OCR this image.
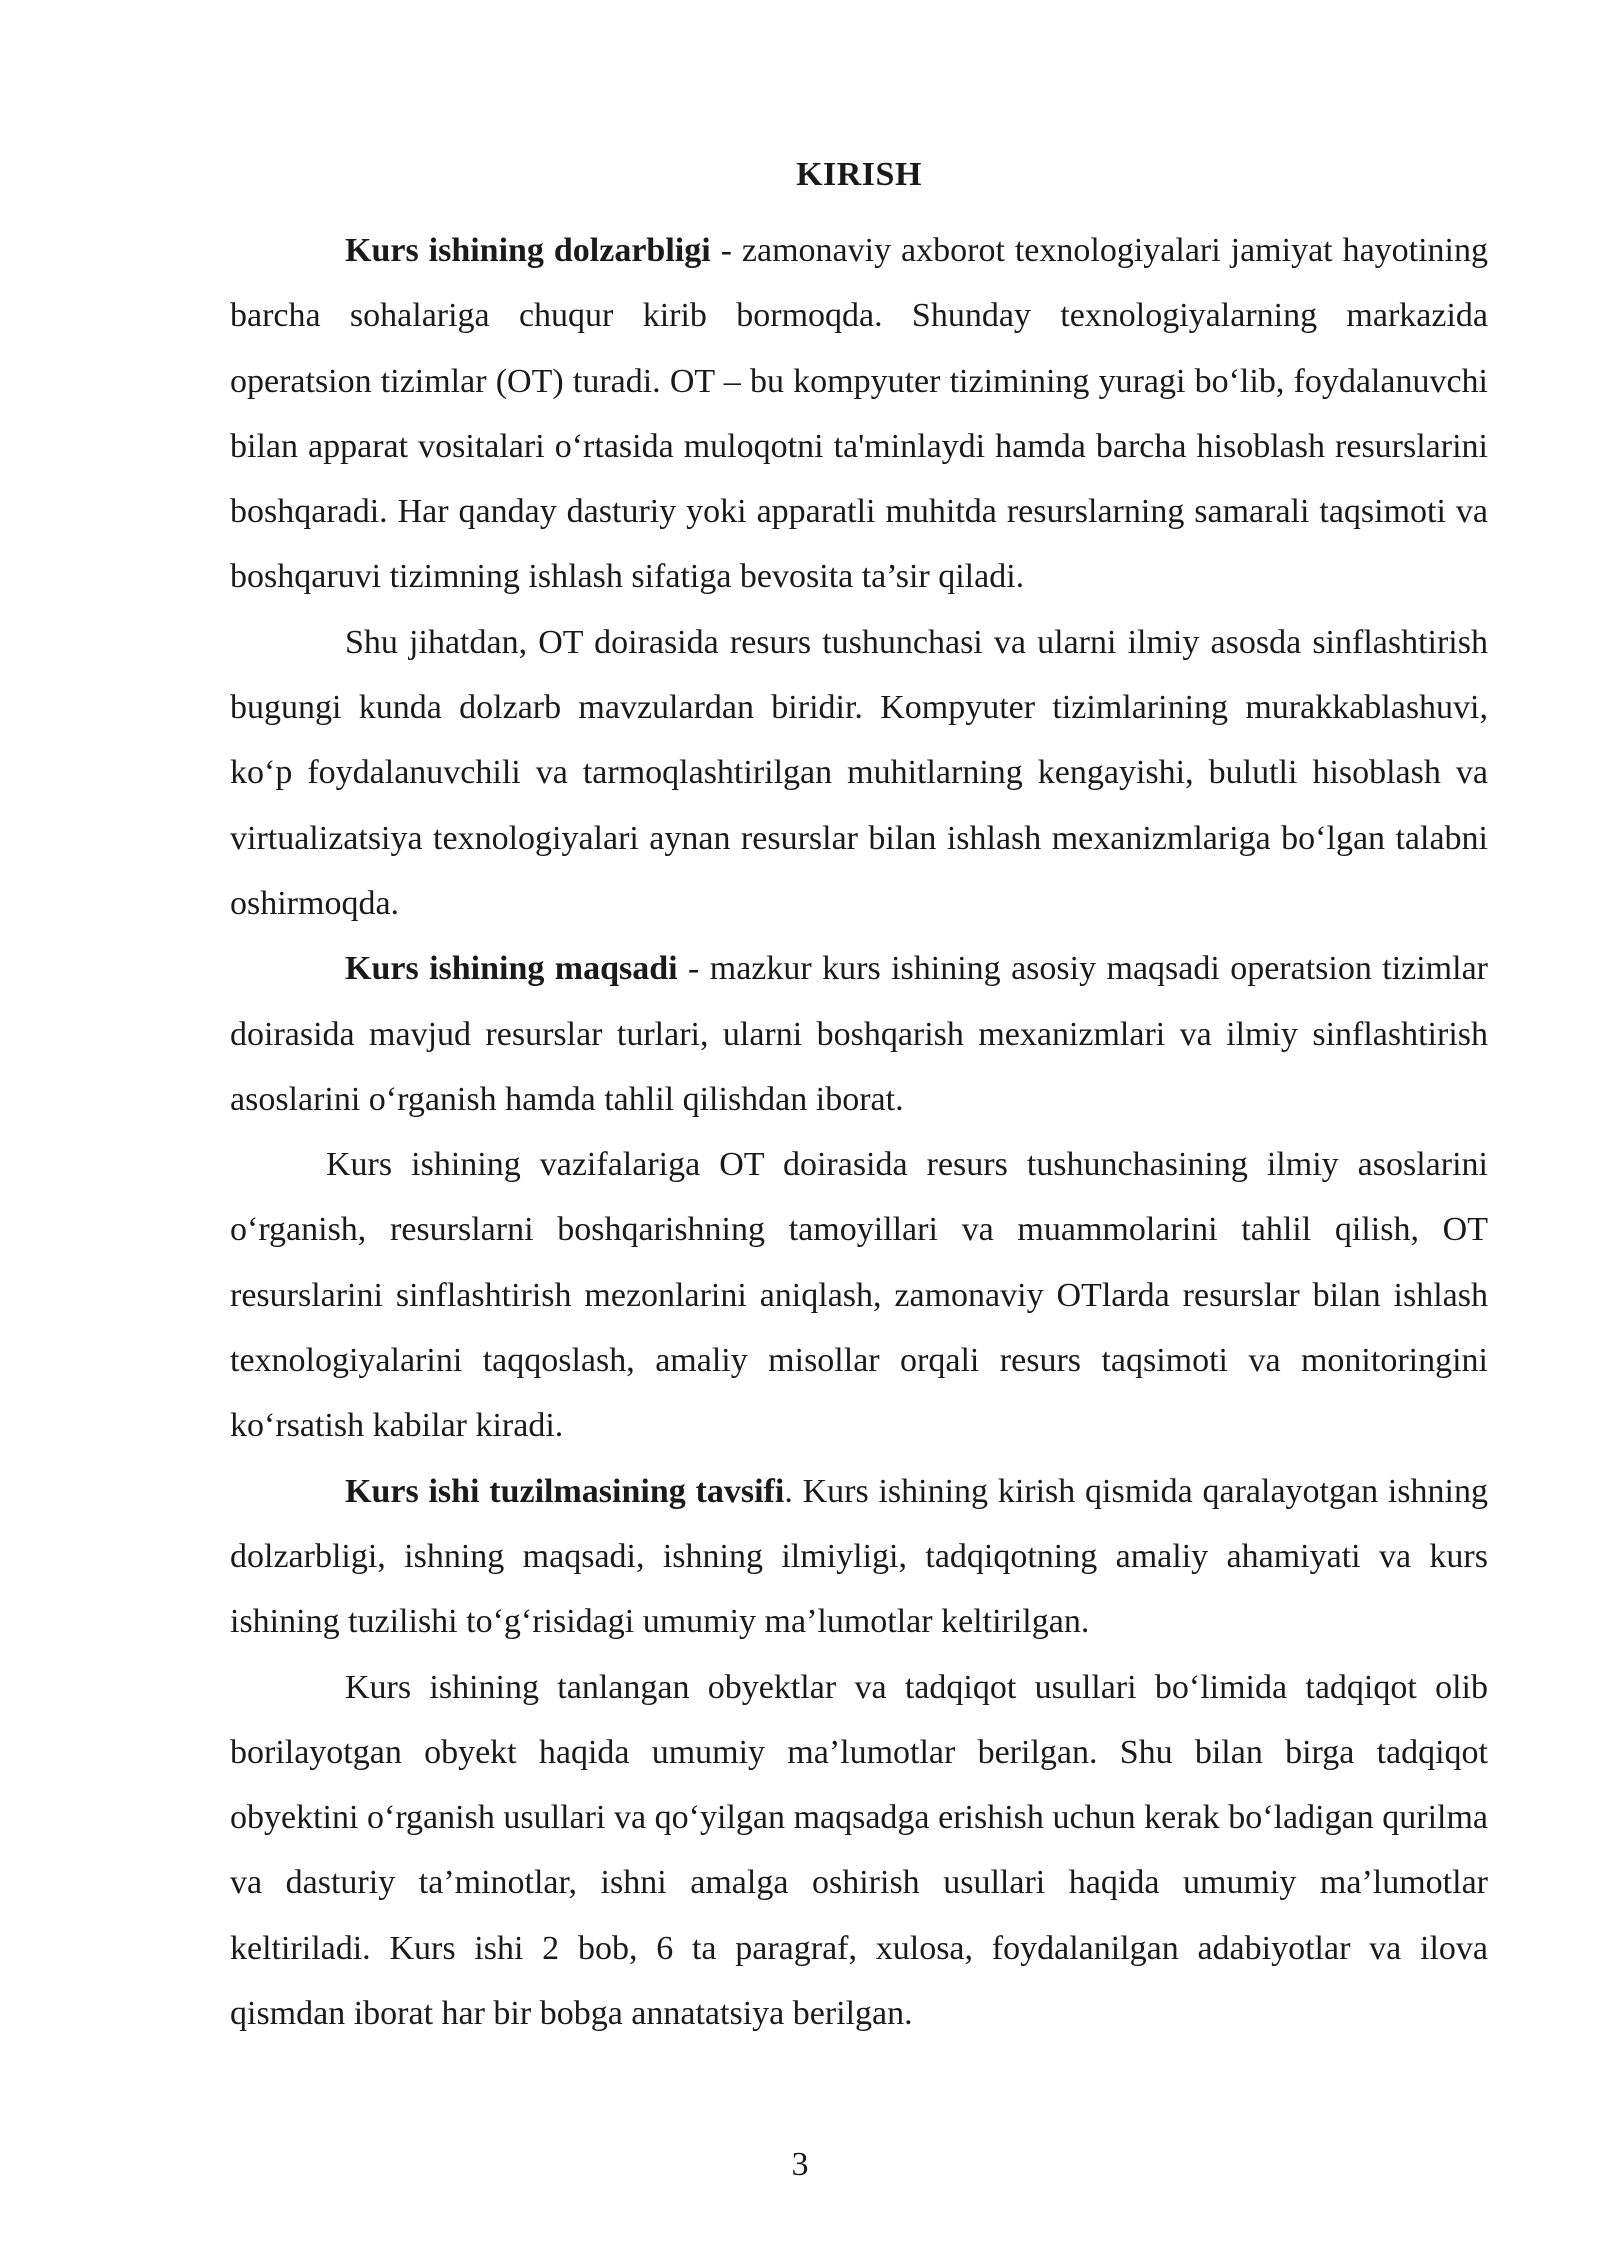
KIRISH

Kurs ishining dolzarbligi - zamonaviy axborot texnologiyalari jamiyat hayotining barcha sohalariga chuqur kirib bormoqda. Shunday texnologiyalarning markazida operatsion tizimlar (OT) turadi. OT – bu kompyuter tizimining yuragi bo‘lib, foydalanuvchi bilan apparat vositalari o‘rtasida muloqotni ta'minlaydi hamda barcha hisoblash resurslarini boshqaradi. Har qanday dasturiy yoki apparatli muhitda resurslarning samarali taqsimoti va boshqaruvi tizimning ishlash sifatiga bevosita ta’sir qiladi.

Shu jihatdan, OT doirasida resurs tushunchasi va ularni ilmiy asosda sinflashtirish bugungi kunda dolzarb mavzulardan biridir. Kompyuter tizimlarining murakkablashuvi, ko‘p foydalanuvchili va tarmoqlashtirilgan muhitlarning kengayishi, bulutli hisoblash va virtualizatsiya texnologiyalari aynan resurslar bilan ishlash mexanizmlariga bo‘lgan talabni oshirmoqda.

Kurs ishining maqsadi - mazkur kurs ishining asosiy maqsadi operatsion tizimlar doirasida mavjud resurslar turlari, ularni boshqarish mexanizmlari va ilmiy sinflashtirish asoslarini o‘rganish hamda tahlil qilishdan iborat.

Kurs ishining vazifalariga OT doirasida resurs tushunchasining ilmiy asoslarini o‘rganish, resurslarni boshqarishning tamoyillari va muammolarini tahlil qilish, OT resurslarini sinflashtirish mezonlarini aniqlash, zamonaviy OTlarda resurslar bilan ishlash texnologiyalarini taqqoslash, amaliy misollar orqali resurs taqsimoti va monitoringini ko‘rsatish kabilar kiradi.

Kurs ishi tuzilmasining tavsifi. Kurs ishining kirish qismida qaralayotgan ishning dolzarbligi, ishning maqsadi, ishning ilmiyligi, tadqiqotning amaliy ahamiyati va kurs ishining tuzilishi to‘g‘risidagi umumiy ma’lumotlar keltirilgan.

Kurs ishining tanlangan obyektlar va tadqiqot usullari bo‘limida tadqiqot olib borilayotgan obyekt haqida umumiy ma’lumotlar berilgan. Shu bilan birga tadqiqot obyektini o‘rganish usullari va qo‘yilgan maqsadga erishish uchun kerak bo‘ladigan qurilma va dasturiy ta’minotlar, ishni amalga oshirish usullari haqida umumiy ma’lumotlar keltiriladi. Kurs ishi 2 bob, 6 ta paragraf, xulosa, foydalanilgan adabiyotlar va ilova qismdan iborat har bir bobga annatatsiya berilgan.

3
